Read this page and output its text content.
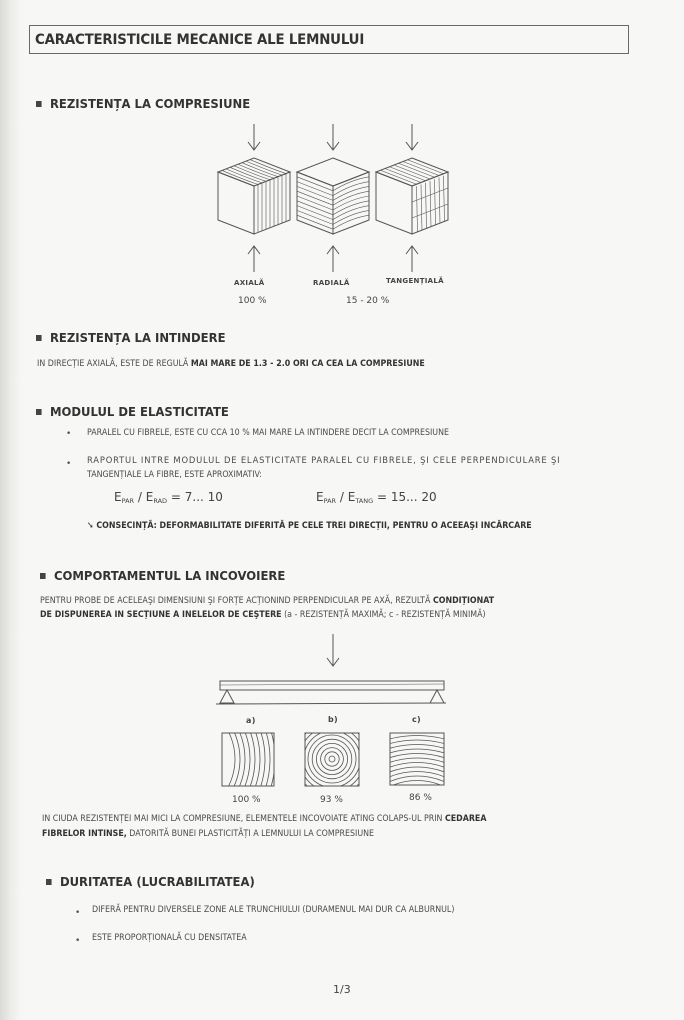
CARACTERISTICILE MECANICE ALE LEMNULUI
REZISTENȚA LA COMPRESIUNE
AXIALĂ	RADIALĂ	TANGENȚIALĂ
100 %	15 - 20 %
REZISTENȚA LA INTINDERE
IN DIRECȚIE AXIALĂ, ESTE DE REGULĂ MAI MARE DE 1.3 - 2.0 ORI CA CEA LA COMPRESIUNE
MODULUL DE ELASTICITATE
• PARALEL CU FIBRELE, ESTE CU CCA 10 % MAI MARE LA INTINDERE DECIT LA COMPRESIUNE
• RAPORTUL INTRE MODULUL DE ELASTICITATE PARALEL CU FIBRELE, ŞI CELE PERPENDICULARE ŞI
TANGENȚIALE LA FIBRE, ESTE APROXIMATIV:
$E_{PAR} / E_{RAD} = 7$... 10	$E_{PAR} / E_{TANG} = 15$... 20
➘ CONSECINȚĂ: DEFORMABILITATE DIFERITĂ PE CELE TREI DIRECȚII, PENTRU O ACEEAŞI INCĂRCARE
COMPORTAMENTUL LA INCOVOIERE
PENTRU PROBE DE ACELEAŞI DIMENSIUNI ŞI FORȚE ACȚIONIND PERPENDICULAR PE AXĂ, REZULTĂ CONDIȚIONAT
DE DISPUNEREA IN SECȚIUNE A INELELOR DE CEŞTERE (a - REZISTENȚĂ MAXIMĂ; c - REZISTENȚĂ MINIMĂ)
a)	b)	c)
100 %	93 %	86 %
IN CIUDA REZISTENȚEI MAI MICI LA COMPRESIUNE, ELEMENTELE INCOVOIATE ATING COLAPS-UL PRIN CEDAREA
FIBRELOR INTINSE, DATORITĂ BUNEI PLASTICITĂȚI A LEMNULUI LA COMPRESIUNE
DURITATEA (LUCRABILITATEA)
• DIFERĂ PENTRU DIVERSELE ZONE ALE TRUNCHIULUI (DURAMENUL MAI DUR CA ALBURNUL)
• ESTE PROPORȚIONALĂ CU DENSITATEA
1/3
